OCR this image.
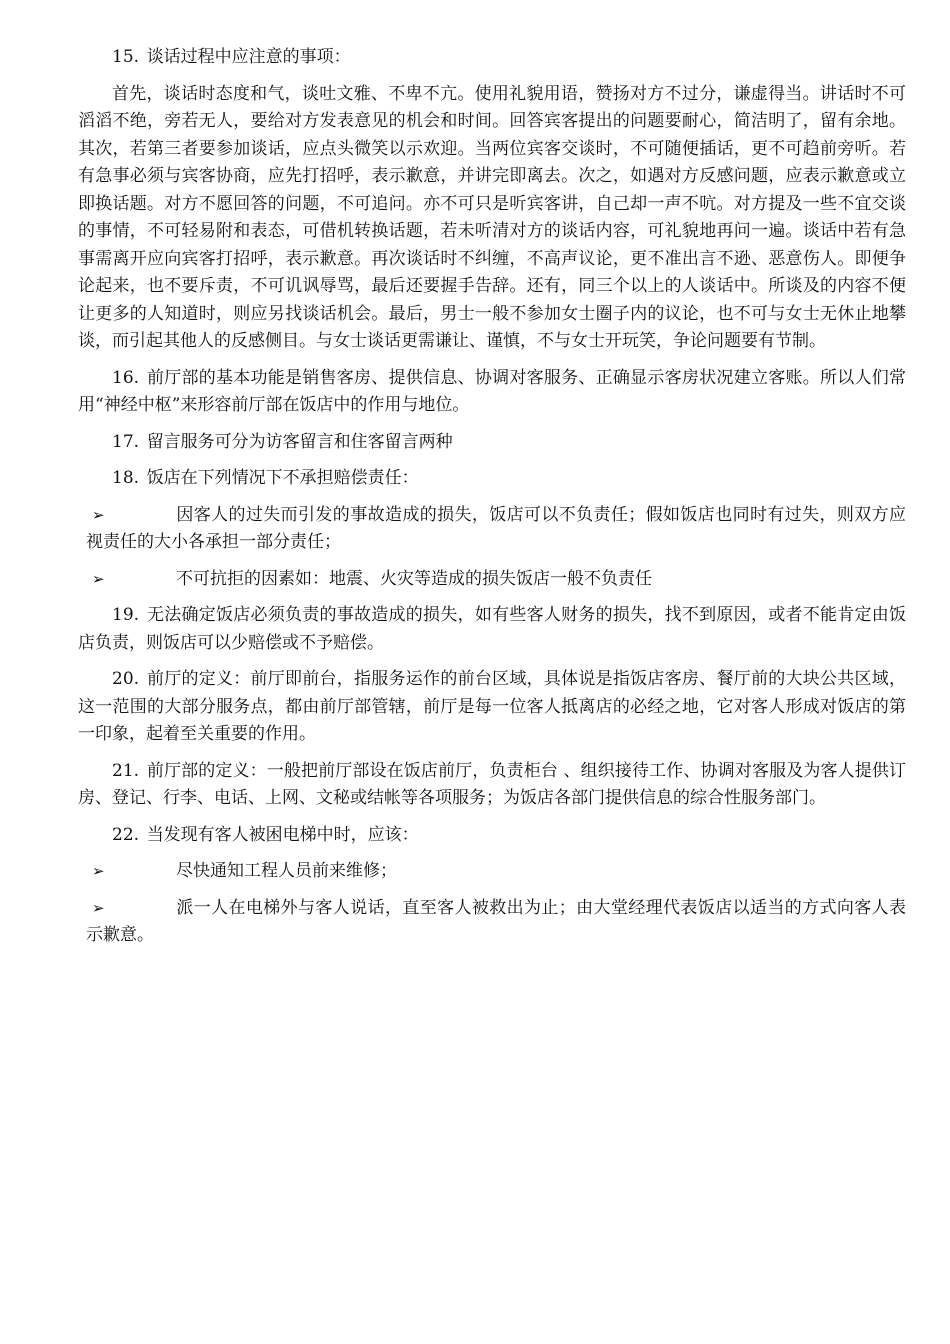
15. 谈话过程中应注意的事项：

首先，谈话时态度和气，谈吐文雅、不卑不亢。使用礼貌用语，赞扬对方不过分，谦虚得当。讲话时不可滔滔不绝，旁若无人，要给对方发表意见的机会和时间。回答宾客提出的问题要耐心，简洁明了，留有余地。其次，若第三者要参加谈话，应点头微笑以示欢迎。当两位宾客交谈时，不可随便插话，更不可趋前旁听。若有急事必须与宾客协商，应先打招呼，表示歉意，并讲完即离去。次之，如遇对方反感问题，应表示歉意或立即换话题。对方不愿回答的问题，不可追问。亦不可只是听宾客讲，自己却一声不吭。对方提及一些不宜交谈的事情，不可轻易附和表态，可借机转换话题，若未听清对方的谈话内容，可礼貌地再问一遍。谈话中若有急事需离开应向宾客打招呼，表示歉意。再次谈话时不纠缠，不高声议论，更不准出言不逊、恶意伤人。即便争论起来，也不要斥责，不可讥讽辱骂，最后还要握手告辞。还有，同三个以上的人谈话中。所谈及的内容不便让更多的人知道时，则应另找谈话机会。最后，男士一般不参加女士圈子内的议论，也不可与女士无休止地攀谈，而引起其他人的反感侧目。与女士谈话更需谦让、谨慎，不与女士开玩笑，争论问题要有节制。

16. 前厅部的基本功能是销售客房、提供信息、协调对客服务、正确显示客房状况建立客账。所以人们常用“神经中枢”来形容前厅部在饭店中的作用与地位。

17. 留言服务可分为访客留言和住客留言两种

18. 饭店在下列情况下不承担赔偿责任：

➢	因客人的过失而引发的事故造成的损失，饭店可以不负责任；假如饭店也同时有过失，则双方应视责任的大小各承担一部分责任；

➢	不可抗拒的因素如：地震、火灾等造成的损失饭店一般不负责任

19. 无法确定饭店必须负责的事故造成的损失，如有些客人财务的损失，找不到原因，或者不能肯定由饭店负责，则饭店可以少赔偿或不予赔偿。

20. 前厅的定义：前厅即前台，指服务运作的前台区域，具体说是指饭店客房、餐厅前的大块公共区域，这一范围的大部分服务点，都由前厅部管辖，前厅是每一位客人抵离店的必经之地，它对客人形成对饭店的第一印象，起着至关重要的作用。

21. 前厅部的定义：一般把前厅部设在饭店前厅，负责柜台 、组织接待工作、协调对客服及为客人提供订房、登记、行李、电话、上网、文秘或结帐等各项服务；为饭店各部门提供信息的综合性服务部门。

22. 当发现有客人被困电梯中时，应该：

➢	尽快通知工程人员前来维修；

➢	派一人在电梯外与客人说话，直至客人被救出为止；由大堂经理代表饭店以适当的方式向客人表示歉意。
